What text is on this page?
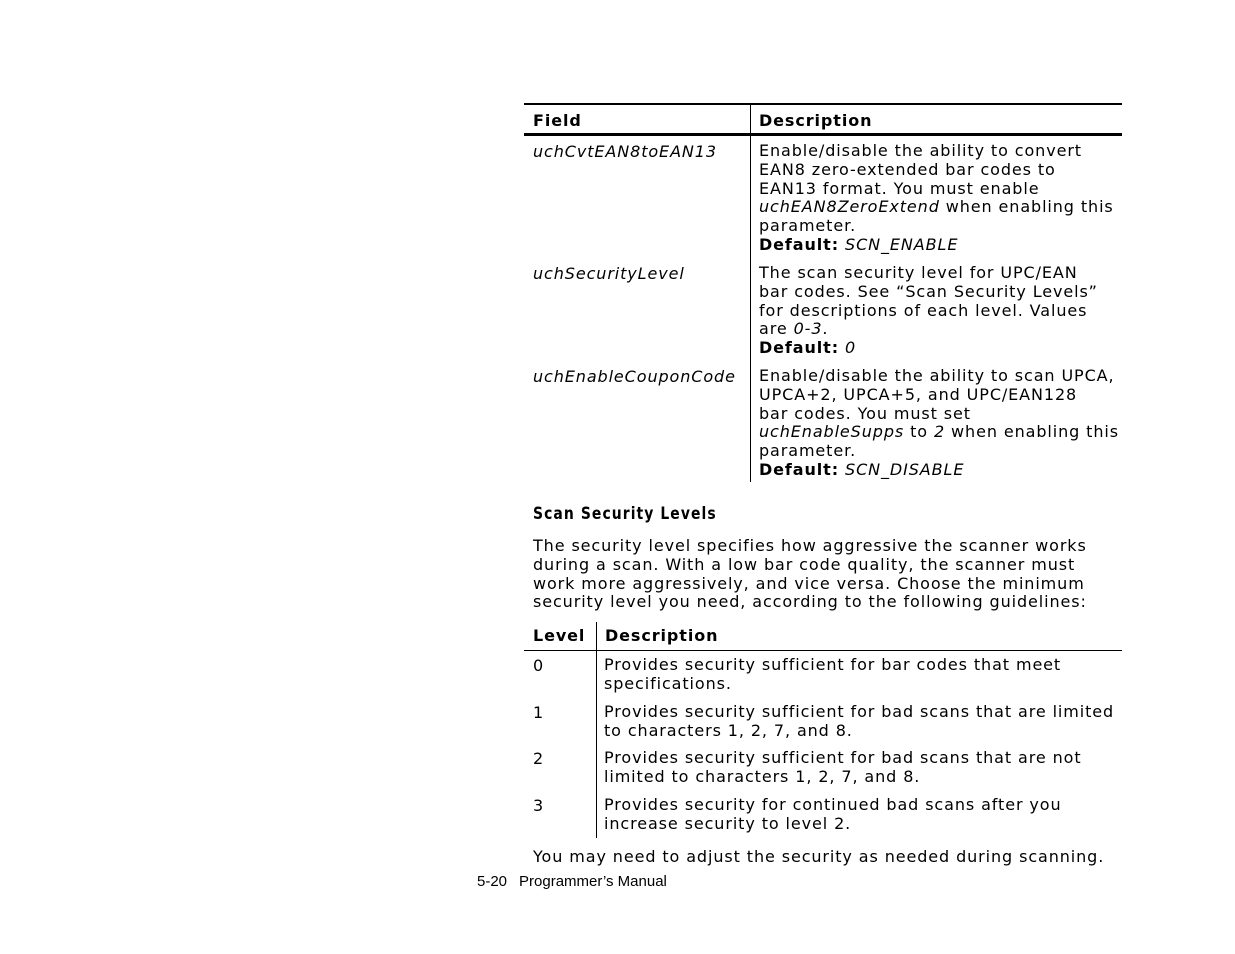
Field	Description
uchCvtEAN8toEAN13	Enable/disable the ability to convert
EAN8 zero-extended bar codes to
EAN13 format. You must enable
uchEAN8ZeroExtend when enabling this
parameter.
Default: SCN_ENABLE
uchSecurityLevel	The scan security level for UPC/EAN
bar codes. See “Scan Security Levels”
for descriptions of each level. Values
are 0-3.
Default: 0
uchEnableCouponCode Enable/disable the ability to scan UPCA,
UPCA+2, UPCA+5, and UPC/EAN128
bar codes. You must set
uchEnableSupps to 2 when enabling this
parameter.
Default: SCN_DISABLE
Scan Security Levels
The security level specifies how aggressive the scanner works
during a scan. With a low bar code quality, the scanner must
work more aggressively, and vice versa. Choose the minimum
security level you need, according to the following guidelines:
Level Description
0	Provides security sufficient for bar codes that meet
specifications.
1	Provides security sufficient for bad scans that are limited
to characters 1, 2, 7, and 8.
2	Provides security sufficient for bad scans that are not
limited to characters 1, 2, 7, and 8.
3	Provides security for continued bad scans after you
increase security to level 2.
You may need to adjust the security as needed during scanning.
5-20 Programmer’s Manual
